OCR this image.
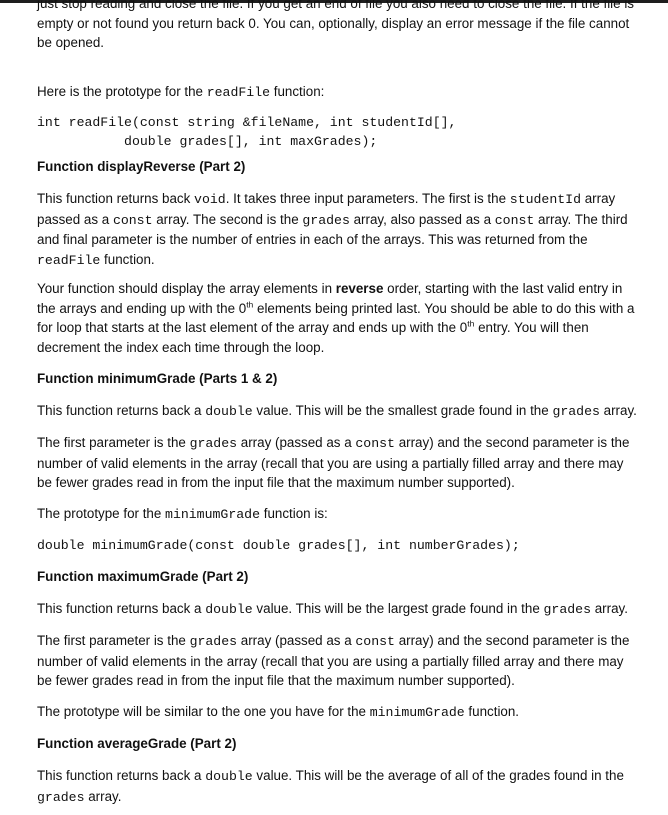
just stop reading and close the file. If you get an end of file you also need to close the file. If the file is empty or not found you return back 0. You can, optionally, display an error message if the file cannot be opened.

Here is the prototype for the readFile function:

int readFile(const string &fileName, int studentId[],
double grades[], int maxGrades);

Function displayReverse (Part 2)

This function returns back void. It takes three input parameters. The first is the studentId array passed as a const array. The second is the grades array, also passed as a const array. The third and final parameter is the number of entries in each of the arrays. This was returned from the readFile function.

Your function should display the array elements in reverse order, starting with the last valid entry in the arrays and ending up with the 0th elements being printed last. You should be able to do this with a for loop that starts at the last element of the array and ends up with the 0th entry. You will then decrement the index each time through the loop.

Function minimumGrade (Parts 1 & 2)

This function returns back a double value. This will be the smallest grade found in the grades array.

The first parameter is the grades array (passed as a const array) and the second parameter is the number of valid elements in the array (recall that you are using a partially filled array and there may be fewer grades read in from the input file that the maximum number supported).

The prototype for the minimumGrade function is:

double minimumGrade(const double grades[], int numberGrades);

Function maximumGrade (Part 2)

This function returns back a double value. This will be the largest grade found in the grades array.

The first parameter is the grades array (passed as a const array) and the second parameter is the number of valid elements in the array (recall that you are using a partially filled array and there may be fewer grades read in from the input file that the maximum number supported).

The prototype will be similar to the one you have for the minimumGrade function.

Function averageGrade (Part 2)

This function returns back a double value. This will be the average of all of the grades found in the grades array.
